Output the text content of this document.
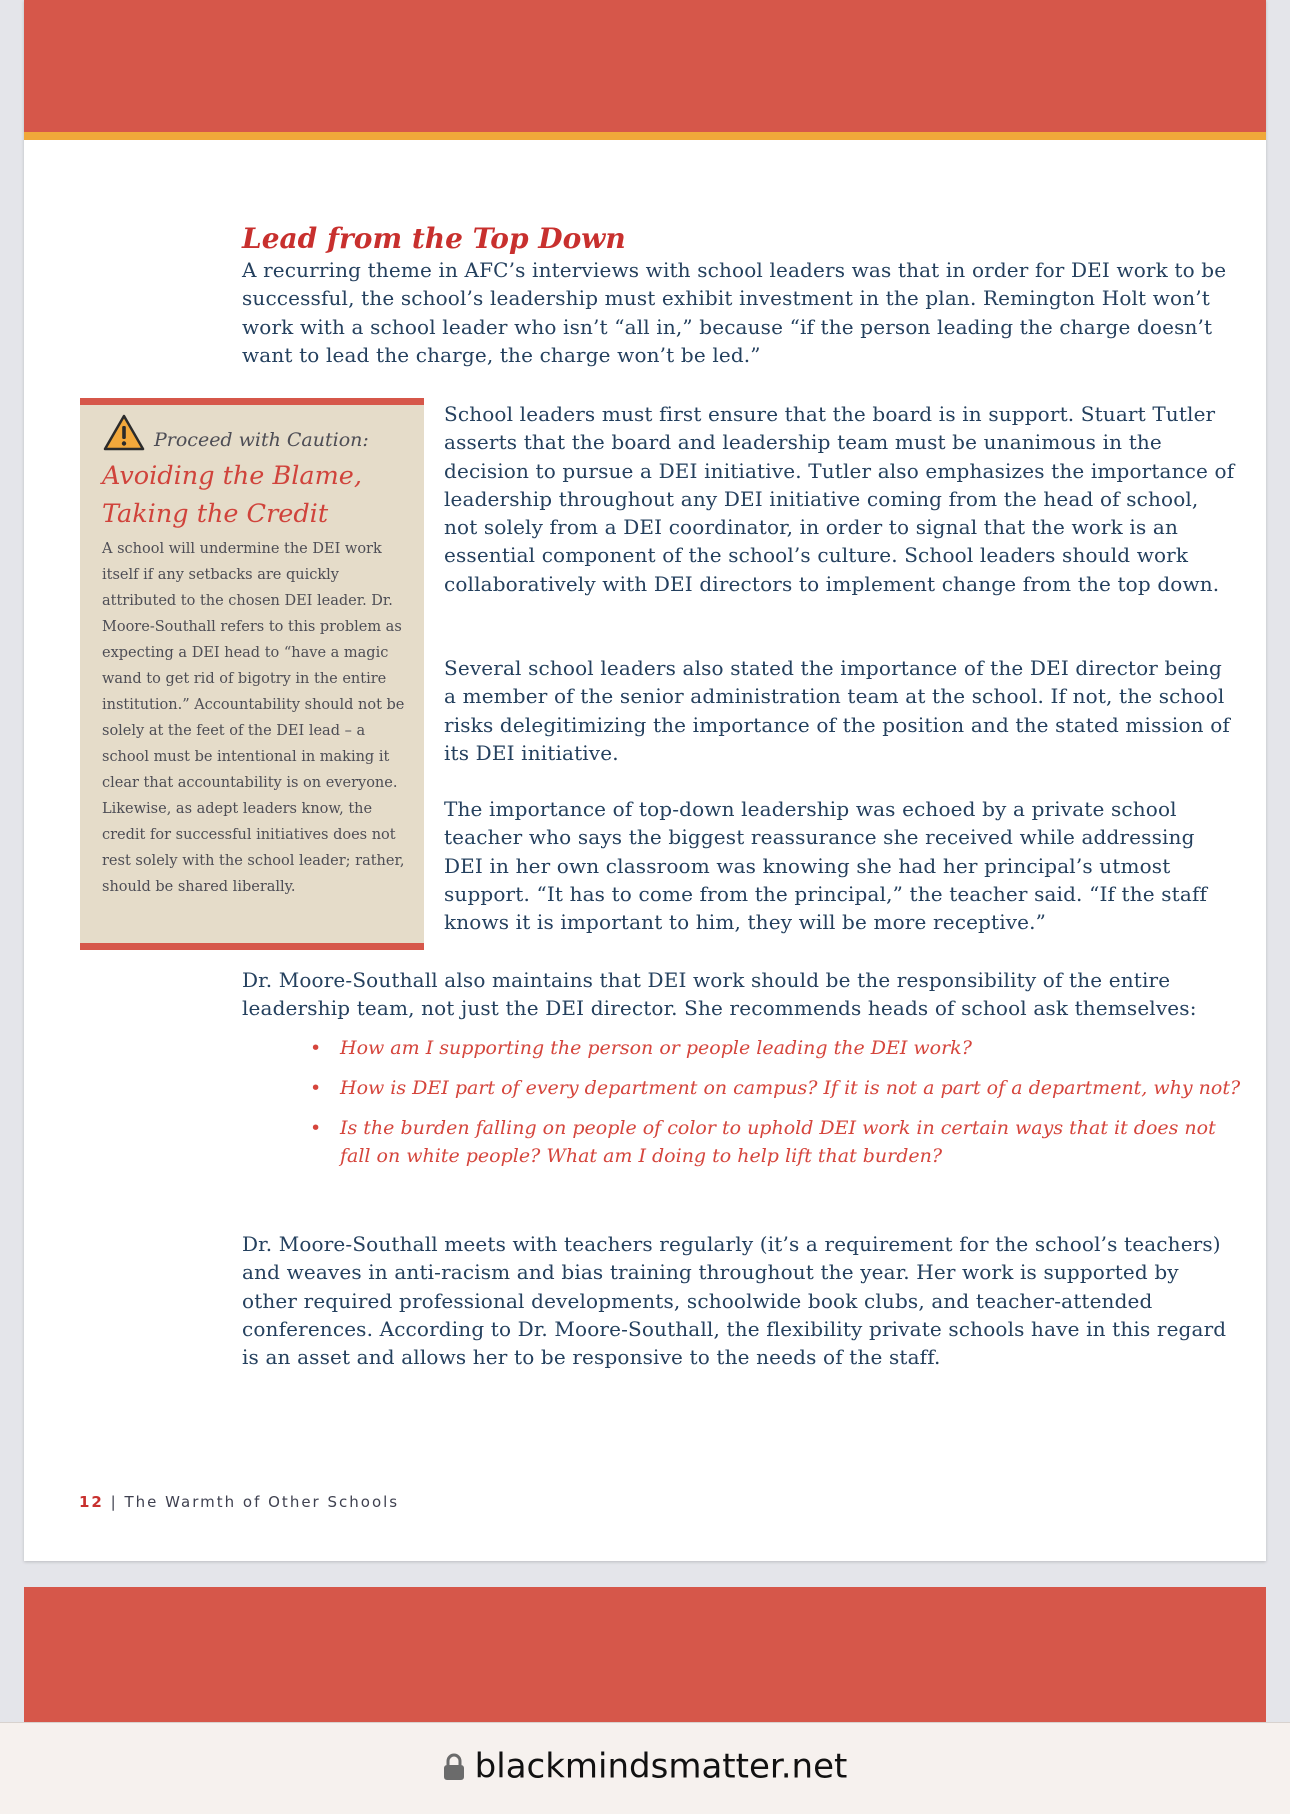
Lead from the Top Down

A recurring theme in AFC’s interviews with school leaders was that in order for DEI work to be successful, the school’s leadership must exhibit investment in the plan. Remington Holt won’t work with a school leader who isn’t “all in,” because “if the person leading the charge doesn’t want to lead the charge, the charge won’t be led.”

Proceed with Caution:
Avoiding the Blame,
Taking the Credit

A school will undermine the DEI work itself if any setbacks are quickly attributed to the chosen DEI leader. Dr. Moore-Southall refers to this problem as expecting a DEI head to “have a magic wand to get rid of bigotry in the entire institution.” Accountability should not be solely at the feet of the DEI lead – a school must be intentional in making it clear that accountability is on everyone. Likewise, as adept leaders know, the credit for successful initiatives does not rest solely with the school leader; rather, should be shared liberally.

School leaders must first ensure that the board is in support. Stuart Tutler asserts that the board and leadership team must be unanimous in the decision to pursue a DEI initiative. Tutler also emphasizes the importance of leadership throughout any DEI initiative coming from the head of school, not solely from a DEI coordinator, in order to signal that the work is an essential component of the school’s culture. School leaders should work collaboratively with DEI directors to implement change from the top down.

Several school leaders also stated the importance of the DEI director being a member of the senior administration team at the school. If not, the school risks delegitimizing the importance of the position and the stated mission of its DEI initiative.

The importance of top-down leadership was echoed by a private school teacher who says the biggest reassurance she received while addressing DEI in her own classroom was knowing she had her principal’s utmost support. “It has to come from the principal,” the teacher said. “If the staff knows it is important to him, they will be more receptive.”

Dr. Moore-Southall also maintains that DEI work should be the responsibility of the entire leadership team, not just the DEI director. She recommends heads of school ask themselves:

• How am I supporting the person or people leading the DEI work?
• How is DEI part of every department on campus? If it is not a part of a department, why not?
• Is the burden falling on people of color to uphold DEI work in certain ways that it does not fall on white people? What am I doing to help lift that burden?

Dr. Moore-Southall meets with teachers regularly (it’s a requirement for the school’s teachers) and weaves in anti-racism and bias training throughout the year. Her work is supported by other required professional developments, schoolwide book clubs, and teacher-attended conferences. According to Dr. Moore-Southall, the flexibility private schools have in this regard is an asset and allows her to be responsive to the needs of the staff.

12 | The Warmth of Other Schools
blackmindsmatter.net
